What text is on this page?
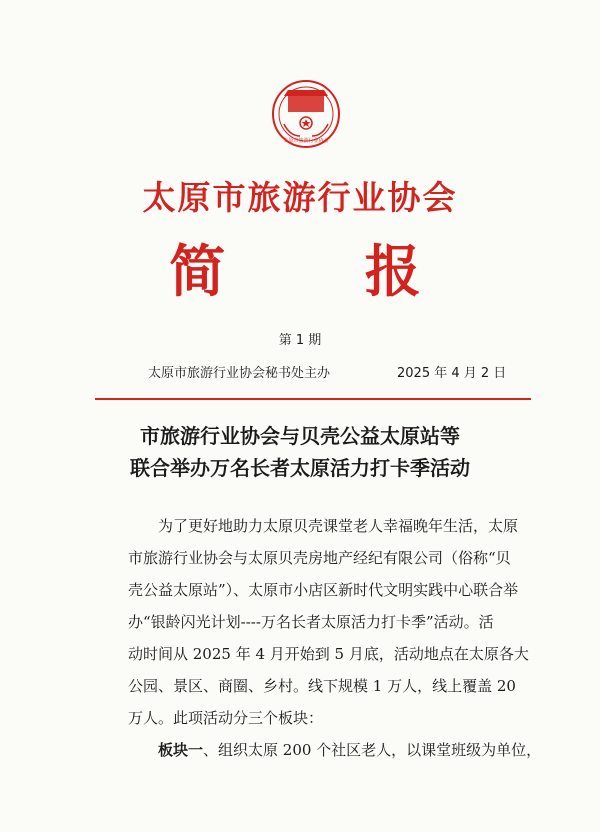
太原市旅游行业协会
太原市旅游行业协会
简 报
第 1 期
太原市旅游行业协会秘书处主办	2025 年 4 月 2 日
市旅游行业协会与贝壳公益太原站等
联合举办万名长者太原活力打卡季活动
为了更好地助力太原贝壳课堂老人幸福晚年生活，太原
市旅游行业协会与太原贝壳房地产经纪有限公司（俗称“贝
壳公益太原站”）、太原市小店区新时代文明实践中心联合举
办“银龄闪光计划----万名长者太原活力打卡季”活动。活
动时间从 2025 年 4 月开始到 5 月底，活动地点在太原各大
公园、景区、商圈、乡村。线下规模 1 万人，线上覆盖 20
万人。此项活动分三个板块：
板块一、组织太原 200 个社区老人，以课堂班级为单位，
